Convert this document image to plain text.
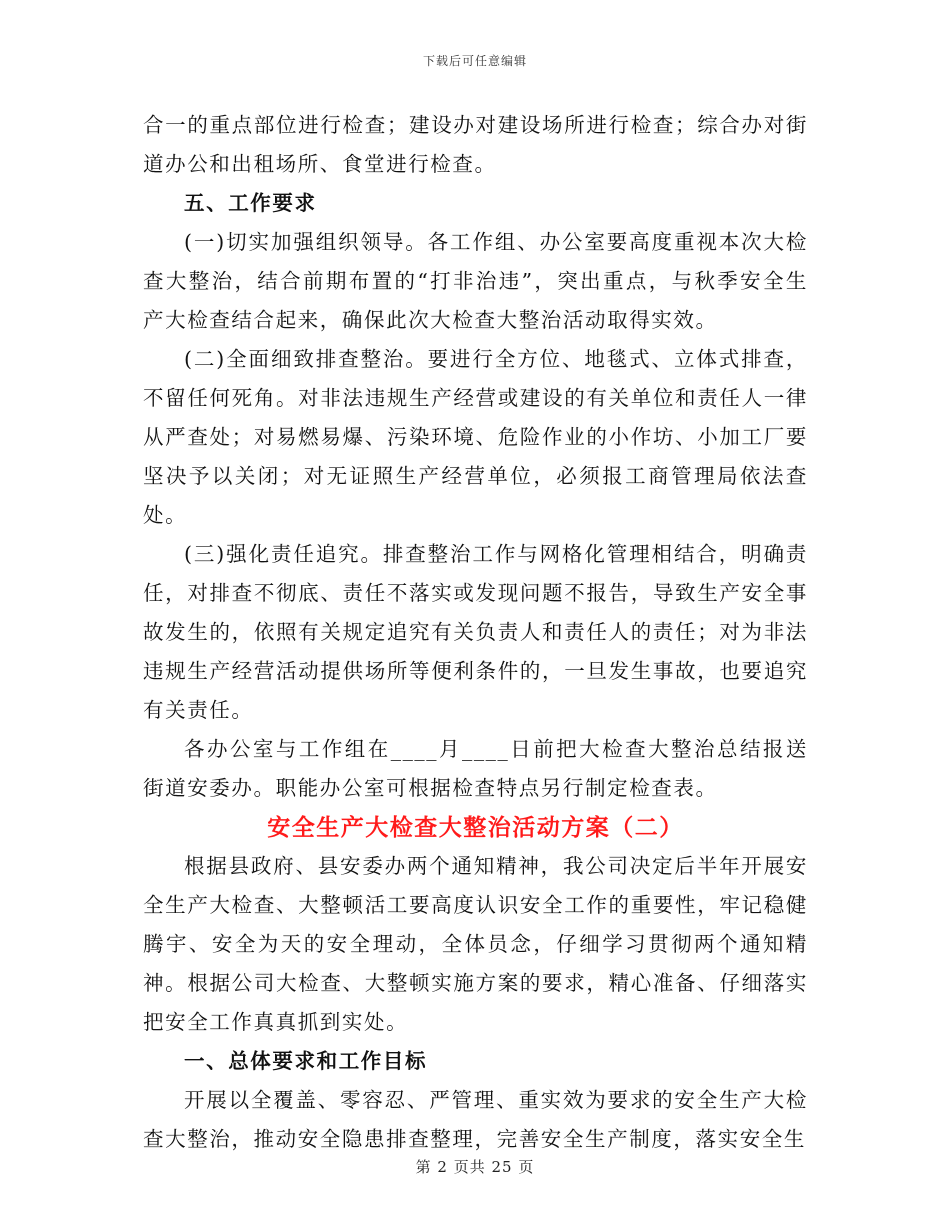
下载后可任意编辑

合一的重点部位进行检查；建设办对建设场所进行检查；综合办对街道办公和出租场所、食堂进行检查。

五、工作要求

(一)切实加强组织领导。各工作组、办公室要高度重视本次大检查大整治，结合前期布置的“打非治违”，突出重点，与秋季安全生产大检查结合起来，确保此次大检查大整治活动取得实效。

(二)全面细致排查整治。要进行全方位、地毯式、立体式排查，不留任何死角。对非法违规生产经营或建设的有关单位和责任人一律从严查处；对易燃易爆、污染环境、危险作业的小作坊、小加工厂要坚决予以关闭；对无证照生产经营单位，必须报工商管理局依法查处。

(三)强化责任追究。排查整治工作与网格化管理相结合，明确责任，对排查不彻底、责任不落实或发现问题不报告，导致生产安全事故发生的，依照有关规定追究有关负责人和责任人的责任；对为非法违规生产经营活动提供场所等便利条件的，一旦发生事故，也要追究有关责任。

各办公室与工作组在____月____日前把大检查大整治总结报送街道安委办。职能办公室可根据检查特点另行制定检查表。

安全生产大检查大整治活动方案（二）

根据县政府、县安委办两个通知精神，我公司决定后半年开展安全生产大检查、大整顿活工要高度认识安全工作的重要性，牢记稳健腾宇、安全为天的安全理动，全体员念，仔细学习贯彻两个通知精神。根据公司大检查、大整顿实施方案的要求，精心准备、仔细落实把安全工作真真抓到实处。

一、总体要求和工作目标

开展以全覆盖、零容忍、严管理、重实效为要求的安全生产大检查大整治，推动安全隐患排查整理，完善安全生产制度，落实安全生

第 2 页共 25 页
